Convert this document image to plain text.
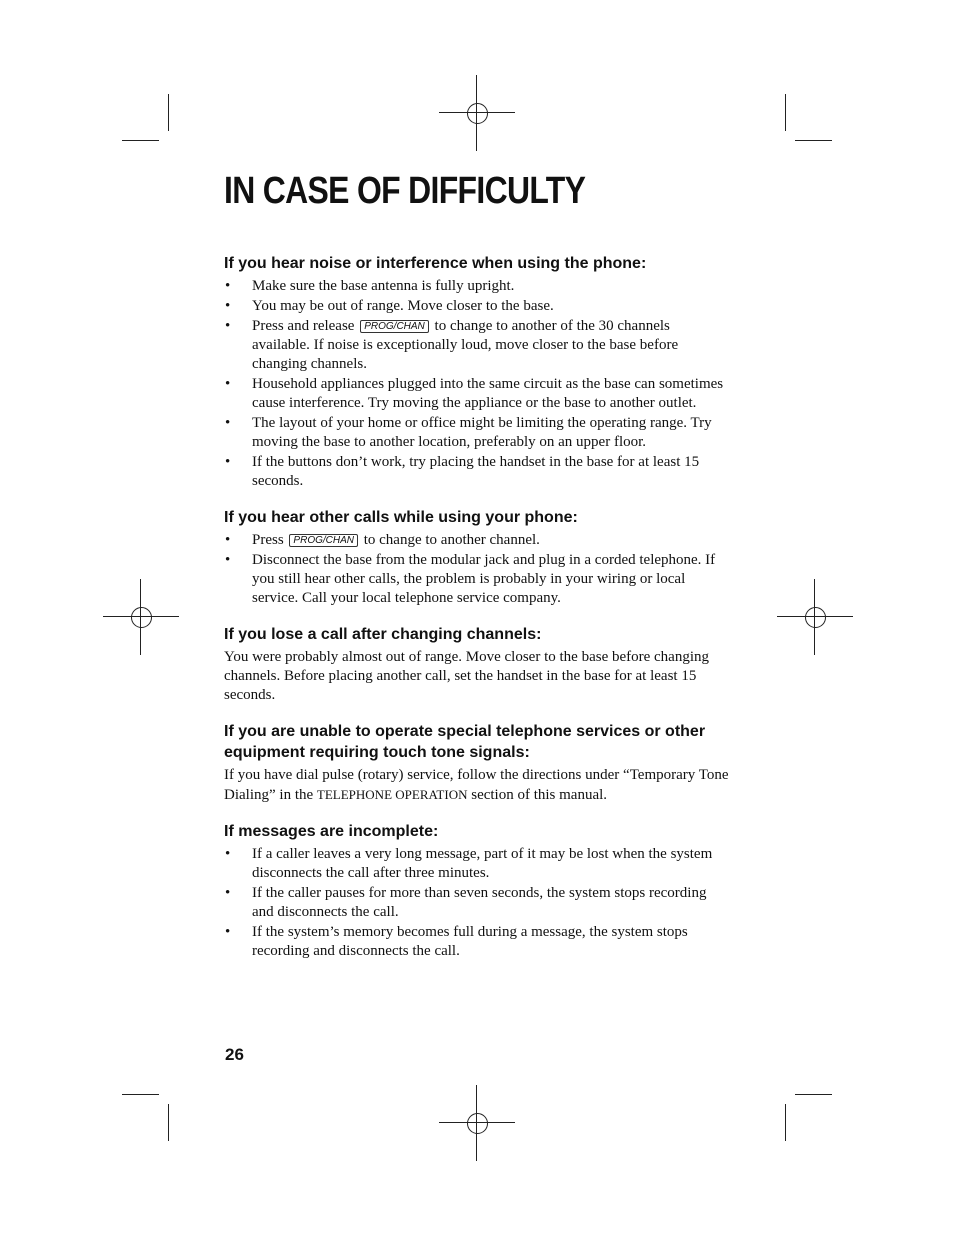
IN CASE OF DIFFICULTY
If you hear noise or interference when using the phone:
• Make sure the base antenna is fully upright.
• You may be out of range. Move closer to the base.
• Press and release PROG/CHAN to change to another of the 30 channels available. If noise is exceptionally loud, move closer to the base before changing channels.
• Household appliances plugged into the same circuit as the base can sometimes cause interference. Try moving the appliance or the base to another outlet.
• The layout of your home or office might be limiting the operating range. Try moving the base to another location, preferably on an upper floor.
• If the buttons don’t work, try placing the handset in the base for at least 15 seconds.
If you hear other calls while using your phone:
• Press PROG/CHAN to change to another channel.
• Disconnect the base from the modular jack and plug in a corded telephone. If you still hear other calls, the problem is probably in your wiring or local service. Call your local telephone service company.
If you lose a call after changing channels:

You were probably almost out of range. Move closer to the base before changing channels. Before placing another call, set the handset in the base for at least 15 seconds.

If you are unable to operate special telephone services or other equipment requiring touch tone signals:

If you have dial pulse (rotary) service, follow the directions under “Temporary Tone Dialing” in the TELEPHONE OPERATION section of this manual.

If messages are incomplete:
• If a caller leaves a very long message, part of it may be lost when the system disconnects the call after three minutes.
• If the caller pauses for more than seven seconds, the system stops recording and disconnects the call.
• If the system’s memory becomes full during a message, the system stops recording and disconnects the call.
26
